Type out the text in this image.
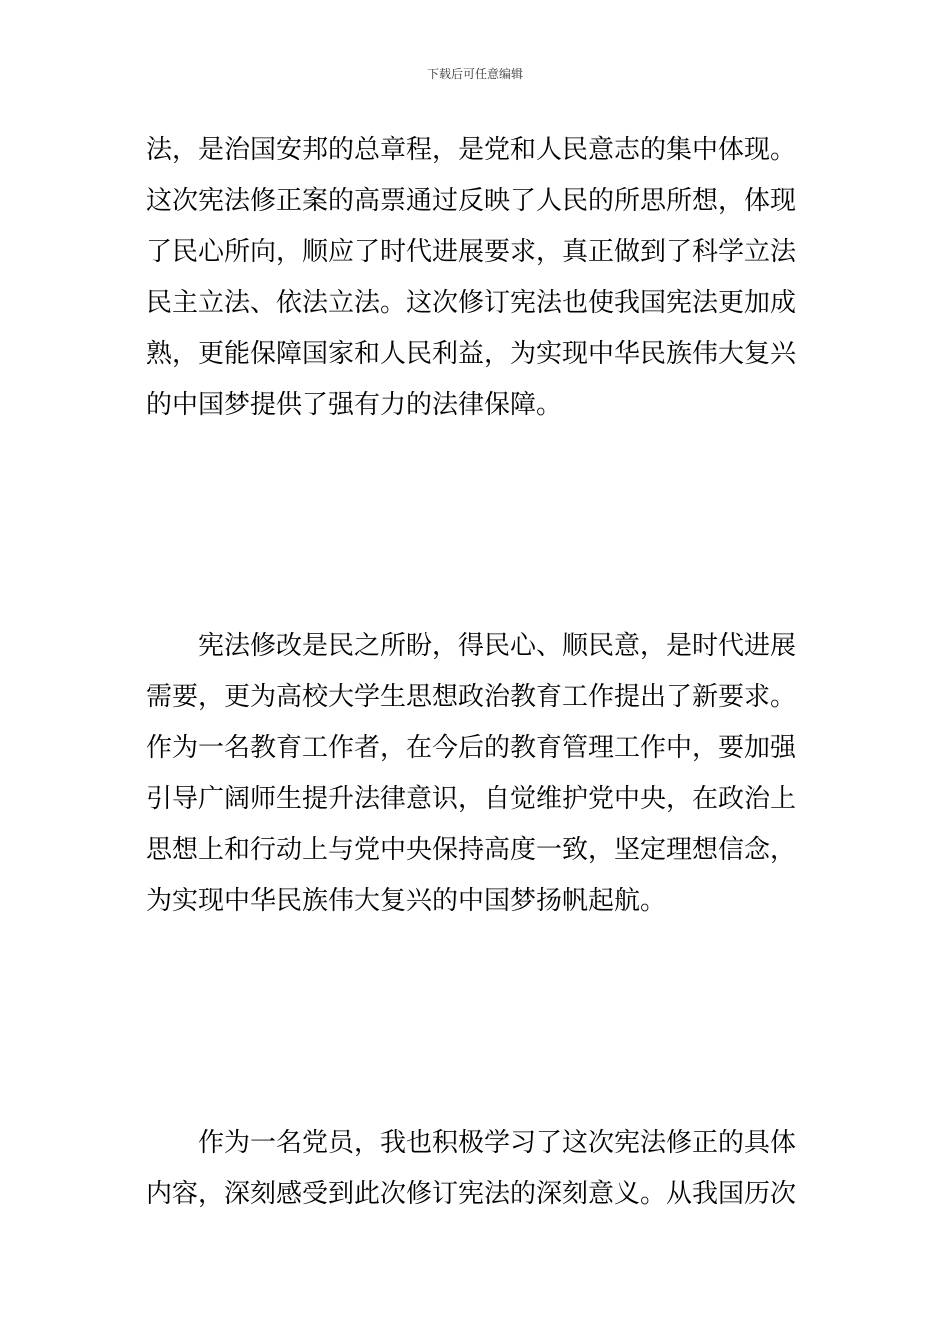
下载后可任意编辑
法，是治国安邦的总章程，是党和人民意志的集中体现。
这次宪法修正案的高票通过反映了人民的所思所想，体现
了民心所向，顺应了时代进展要求，真正做到了科学立法
民主立法、依法立法。这次修订宪法也使我国宪法更加成
熟，更能保障国家和人民利益，为实现中华民族伟大复兴
的中国梦提供了强有力的法律保障。
宪法修改是民之所盼，得民心、顺民意，是时代进展
需要，更为高校大学生思想政治教育工作提出了新要求。
作为一名教育工作者，在今后的教育管理工作中，要加强
引导广阔师生提升法律意识，自觉维护党中央，在政治上
思想上和行动上与党中央保持高度一致，坚定理想信念，
为实现中华民族伟大复兴的中国梦扬帆起航。
作为一名党员，我也积极学习了这次宪法修正的具体
内容，深刻感受到此次修订宪法的深刻意义。从我国历次
